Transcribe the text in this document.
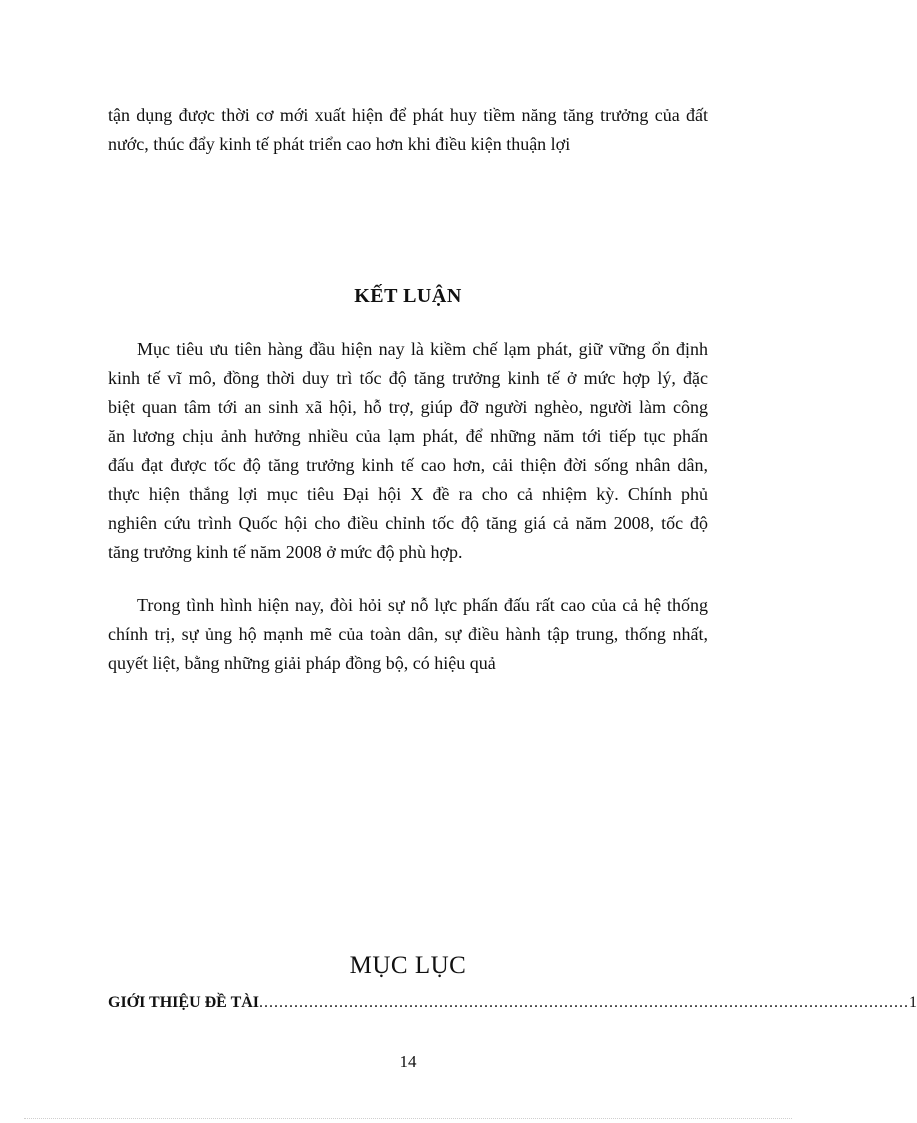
tận dụng được thời cơ mới xuất hiện để phát huy tiềm năng tăng trưởng của đất
nước, thúc đẩy kinh tế phát triển cao hơn khi điều kiện thuận lợi
KẾT LUẬN
Mục tiêu ưu tiên hàng đầu hiện nay là kiềm chế lạm phát, giữ vững ổn định
kinh tế vĩ mô, đồng thời duy trì tốc độ tăng trưởng kinh tế ở mức hợp lý, đặc
biệt quan tâm tới an sinh xã hội, hỗ trợ, giúp đỡ người nghèo, người làm công
ăn lương chịu ảnh hưởng nhiều của lạm phát, để những năm tới tiếp tục phấn
đấu đạt được tốc độ tăng trưởng kinh tế cao hơn, cải thiện đời sống nhân dân,
thực hiện thắng lợi mục tiêu Đại hội X đề ra cho cả nhiệm kỳ. Chính phủ
nghiên cứu trình Quốc hội cho điều chỉnh tốc độ tăng giá cả năm 2008, tốc độ
tăng trưởng kinh tế năm 2008 ở mức độ phù hợp.
Trong tình hình hiện nay, đòi hỏi sự nỗ lực phấn đấu rất cao của cả hệ thống
chính trị, sự ủng hộ mạnh mẽ của toàn dân, sự điều hành tập trung, thống nhất,
quyết liệt, bằng những giải pháp đồng bộ, có hiệu quả
MỤC LỤC
GIỚI THIỆU ĐỀ TÀI .................................................................................................................................. 1
14
